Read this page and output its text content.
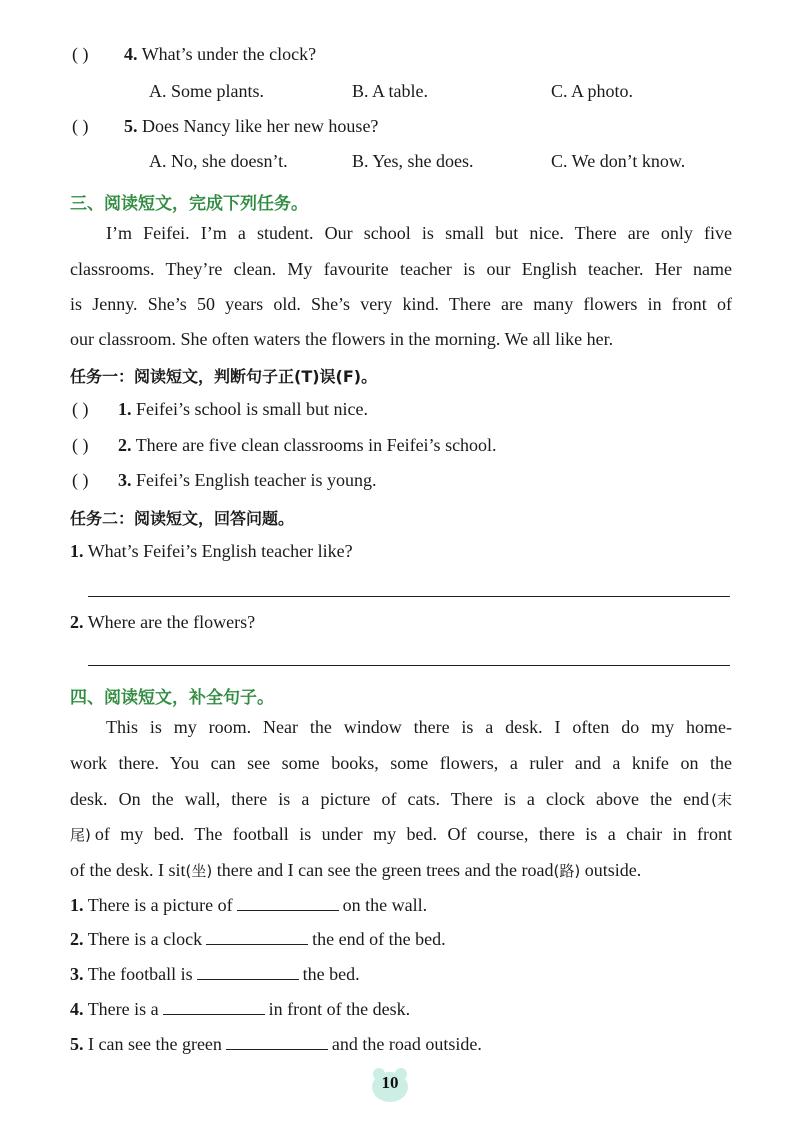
( ) 4. What’s under the clock?
A. Some plants.	B. A table.	C. A photo.
( ) 5. Does Nancy like her new house?
A. No, she doesn’t.	B. Yes, she does.	C. We don’t know.
三、阅读短文，完成下列任务。
I’m Feifei. I’m a student. Our school is small but nice. There are only five
classrooms. They’re clean. My favourite teacher is our English teacher. Her name
is Jenny. She’s 50 years old. She’s very kind. There are many flowers in front of
our classroom. She often waters the flowers in the morning. We all like her.
任务一：阅读短文，判断句子正(T)误(F)。
( ) 1. Feifei’s school is small but nice.
( ) 2. There are five clean classrooms in Feifei’s school.
( ) 3. Feifei’s English teacher is young.
任务二：阅读短文，回答问题。
1. What’s Feifei’s English teacher like?
2. Where are the flowers?
四、阅读短文，补全句子。
This is my room. Near the window there is a desk. I often do my home-
work there. You can see some books, some flowers, a ruler and a knife on the
desk. On the wall, there is a picture of cats. There is a clock above the end (末
尾) of my bed. The football is under my bed. Of course, there is a chair in front
of the desk. I sit(坐) there and I can see the green trees and the road(路) outside.
1. There is a picture of	on the wall.
2. There is a clock	the end of the bed.
3. The football is	the bed.
4. There is a	in front of the desk.
5. I can see the green	and the road outside.
10
